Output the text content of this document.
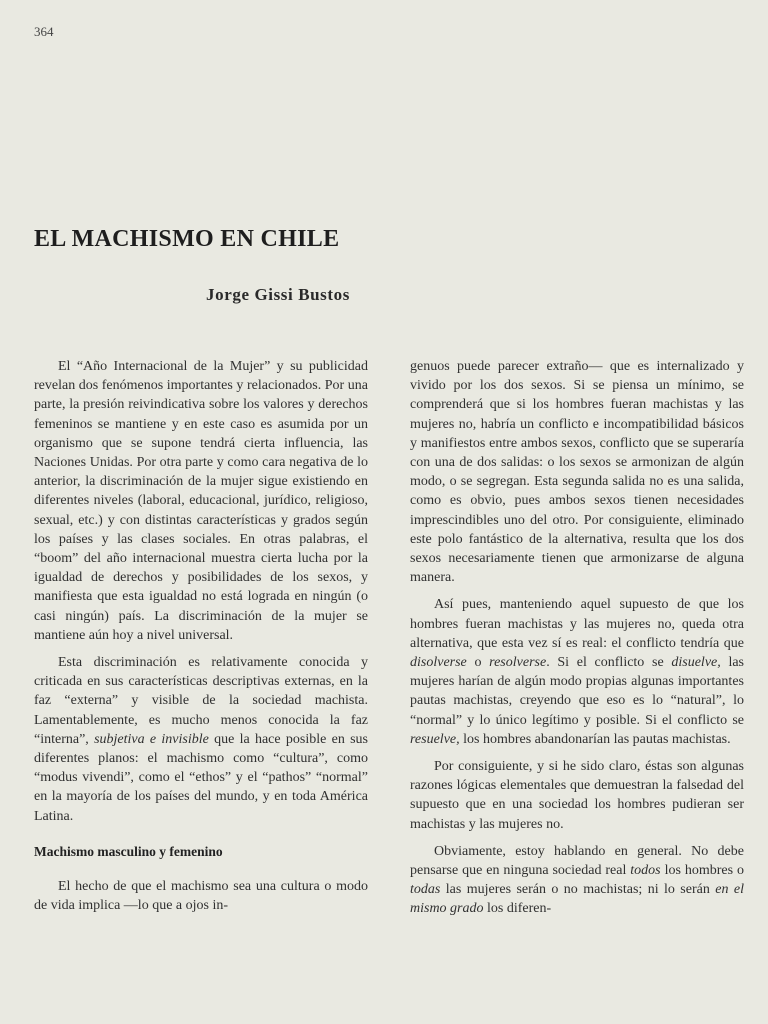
364
EL MACHISMO EN CHILE
Jorge Gissi Bustos

El “Año Internacional de la Mujer” y su publicidad revelan dos fenómenos importantes y relacionados. Por una parte, la presión reivindicativa sobre los valores y derechos femeninos se mantiene y en este caso es asumida por un organismo que se supone tendrá cierta influencia, las Naciones Unidas. Por otra parte y como cara negativa de lo anterior, la discriminación de la mujer sigue existiendo en diferentes niveles (laboral, educacional, jurídico, religioso, sexual, etc.) y con distintas características y grados según los países y las clases sociales. En otras palabras, el “boom” del año internacional muestra cierta lucha por la igualdad de derechos y posibilidades de los sexos, y manifiesta que esta igualdad no está lograda en ningún (o casi ningún) país. La discriminación de la mujer se mantiene aún hoy a nivel universal.

Esta discriminación es relativamente conocida y criticada en sus características descriptivas externas, en la faz “externa” y visible de la sociedad machista. Lamentablemente, es mucho menos conocida la faz “interna”, subjetiva e invisible que la hace posible en sus diferentes planos: el machismo como “cultura”, como “modus vivendi”, como el “ethos” y el “pathos” “normal” en la mayoría de los países del mundo, y en toda América Latina.

Machismo masculino y femenino

El hecho de que el machismo sea una cultura o modo de vida implica —lo que a ojos in-

genuos puede parecer extraño— que es internalizado y vivido por los dos sexos. Si se piensa un mínimo, se comprenderá que si los hombres fueran machistas y las mujeres no, habría un conflicto e incompatibilidad básicos y manifiestos entre ambos sexos, conflicto que se superaría con una de dos salidas: o los sexos se armonizan de algún modo, o se segregan. Esta segunda salida no es una salida, como es obvio, pues ambos sexos tienen necesidades imprescindibles uno del otro. Por consiguiente, eliminado este polo fantástico de la alternativa, resulta que los dos sexos necesariamente tienen que armonizarse de alguna manera.

Así pues, manteniendo aquel supuesto de que los hombres fueran machistas y las mujeres no, queda otra alternativa, que esta vez sí es real: el conflicto tendría que disolverse o resolverse. Si el conflicto se disuelve, las mujeres harían de algún modo propias algunas importantes pautas machistas, creyendo que eso es lo “natural”, lo “normal” y lo único legítimo y posible. Si el conflicto se resuelve, los hombres abandonarían las pautas machistas.

Por consiguiente, y si he sido claro, éstas son algunas razones lógicas elementales que demuestran la falsedad del supuesto que en una sociedad los hombres pudieran ser machistas y las mujeres no.

Obviamente, estoy hablando en general. No debe pensarse que en ninguna sociedad real todos los hombres o todas las mujeres serán o no machistas; ni lo serán en el mismo grado los diferen-
